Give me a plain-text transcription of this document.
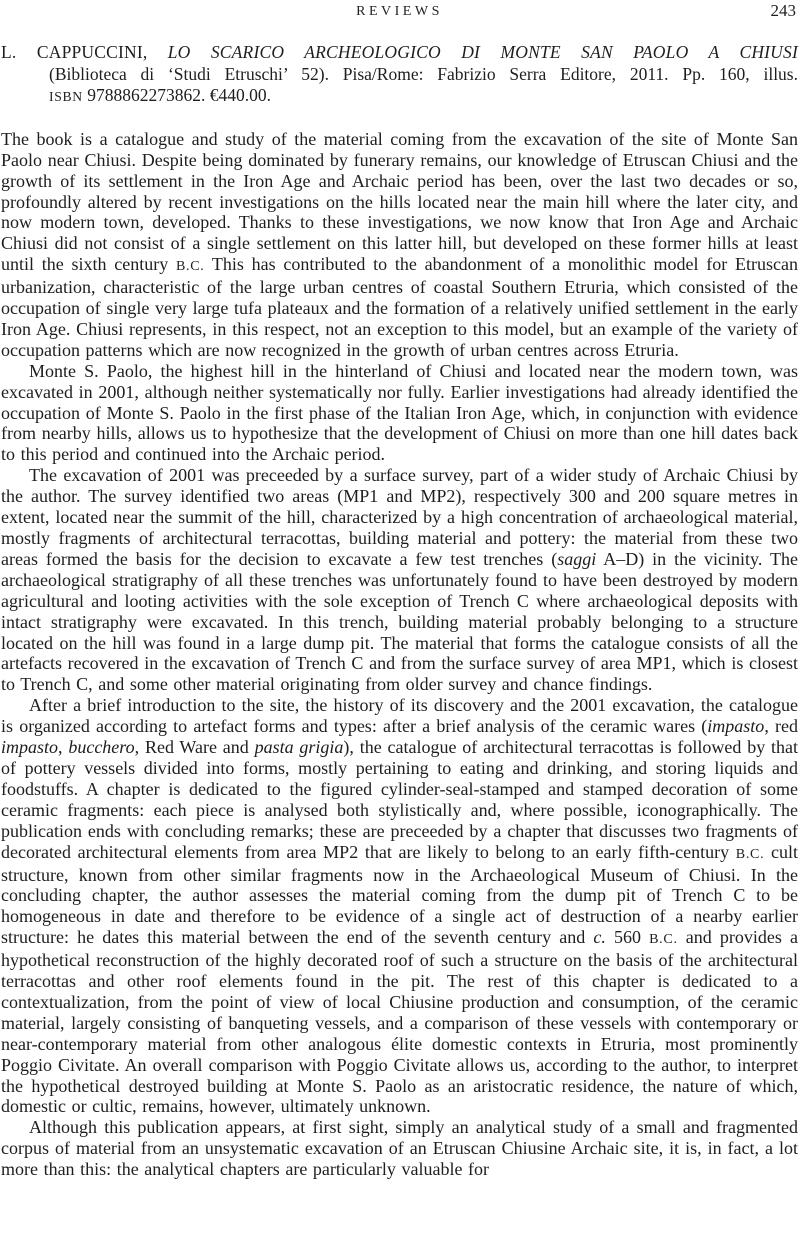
REVIEWS	243
L. CAPPUCCINI, LO SCARICO ARCHEOLOGICO DI MONTE SAN PAOLO A CHIUSI
(Biblioteca di ‘Studi Etruschi’ 52). Pisa/Rome: Fabrizio Serra Editore, 2011. Pp. 160, illus.
ISBN 9788862273862. €440.00.

The book is a catalogue and study of the material coming from the excavation of the site of Monte San Paolo near Chiusi. Despite being dominated by funerary remains, our knowledge of Etruscan Chiusi and the growth of its settlement in the Iron Age and Archaic period has been, over the last two decades or so, profoundly altered by recent investigations on the hills located near the main hill where the later city, and now modern town, developed. Thanks to these investigations, we now know that Iron Age and Archaic Chiusi did not consist of a single settlement on this latter hill, but developed on these former hills at least until the sixth century B.C. This has contributed to the abandonment of a monolithic model for Etruscan urbanization, characteristic of the large urban centres of coastal Southern Etruria, which consisted of the occupation of single very large tufa plateaux and the formation of a relatively unified settlement in the early Iron Age. Chiusi represents, in this respect, not an exception to this model, but an example of the variety of occupation patterns which are now recognized in the growth of urban centres across Etruria.

Monte S. Paolo, the highest hill in the hinterland of Chiusi and located near the modern town, was excavated in 2001, although neither systematically nor fully. Earlier investigations had already identified the occupation of Monte S. Paolo in the first phase of the Italian Iron Age, which, in conjunction with evidence from nearby hills, allows us to hypothesize that the development of Chiusi on more than one hill dates back to this period and continued into the Archaic period.

The excavation of 2001 was preceeded by a surface survey, part of a wider study of Archaic Chiusi by the author. The survey identified two areas (MP1 and MP2), respectively 300 and 200 square metres in extent, located near the summit of the hill, characterized by a high concentration of archaeological material, mostly fragments of architectural terracottas, building material and pottery: the material from these two areas formed the basis for the decision to excavate a few test trenches (saggi A–D) in the vicinity. The archaeological stratigraphy of all these trenches was unfortunately found to have been destroyed by modern agricultural and looting activities with the sole exception of Trench C where archaeological deposits with intact stratigraphy were excavated. In this trench, building material probably belonging to a structure located on the hill was found in a large dump pit. The material that forms the catalogue consists of all the artefacts recovered in the excavation of Trench C and from the surface survey of area MP1, which is closest to Trench C, and some other material originating from older survey and chance findings.

After a brief introduction to the site, the history of its discovery and the 2001 excavation, the catalogue is organized according to artefact forms and types: after a brief analysis of the ceramic wares (impasto, red impasto, bucchero, Red Ware and pasta grigia), the catalogue of architectural terracottas is followed by that of pottery vessels divided into forms, mostly pertaining to eating and drinking, and storing liquids and foodstuffs. A chapter is dedicated to the figured cylinder-seal-stamped and stamped decoration of some ceramic fragments: each piece is analysed both stylistically and, where possible, iconographically. The publication ends with concluding remarks; these are preceeded by a chapter that discusses two fragments of decorated architectural elements from area MP2 that are likely to belong to an early fifth-century B.C. cult structure, known from other similar fragments now in the Archaeological Museum of Chiusi. In the concluding chapter, the author assesses the material coming from the dump pit of Trench C to be homogeneous in date and therefore to be evidence of a single act of destruction of a nearby earlier structure: he dates this material between the end of the seventh century and c. 560 B.C. and provides a hypothetical reconstruction of the highly decorated roof of such a structure on the basis of the architectural terracottas and other roof elements found in the pit. The rest of this chapter is dedicated to a contextualization, from the point of view of local Chiusine production and consumption, of the ceramic material, largely consisting of banqueting vessels, and a comparison of these vessels with contemporary or near-contemporary material from other analogous élite domestic contexts in Etruria, most prominently Poggio Civitate. An overall comparison with Poggio Civitate allows us, according to the author, to interpret the hypothetical destroyed building at Monte S. Paolo as an aristocratic residence, the nature of which, domestic or cultic, remains, however, ultimately unknown.

Although this publication appears, at first sight, simply an analytical study of a small and fragmented corpus of material from an unsystematic excavation of an Etruscan Chiusine Archaic site, it is, in fact, a lot more than this: the analytical chapters are particularly valuable for
